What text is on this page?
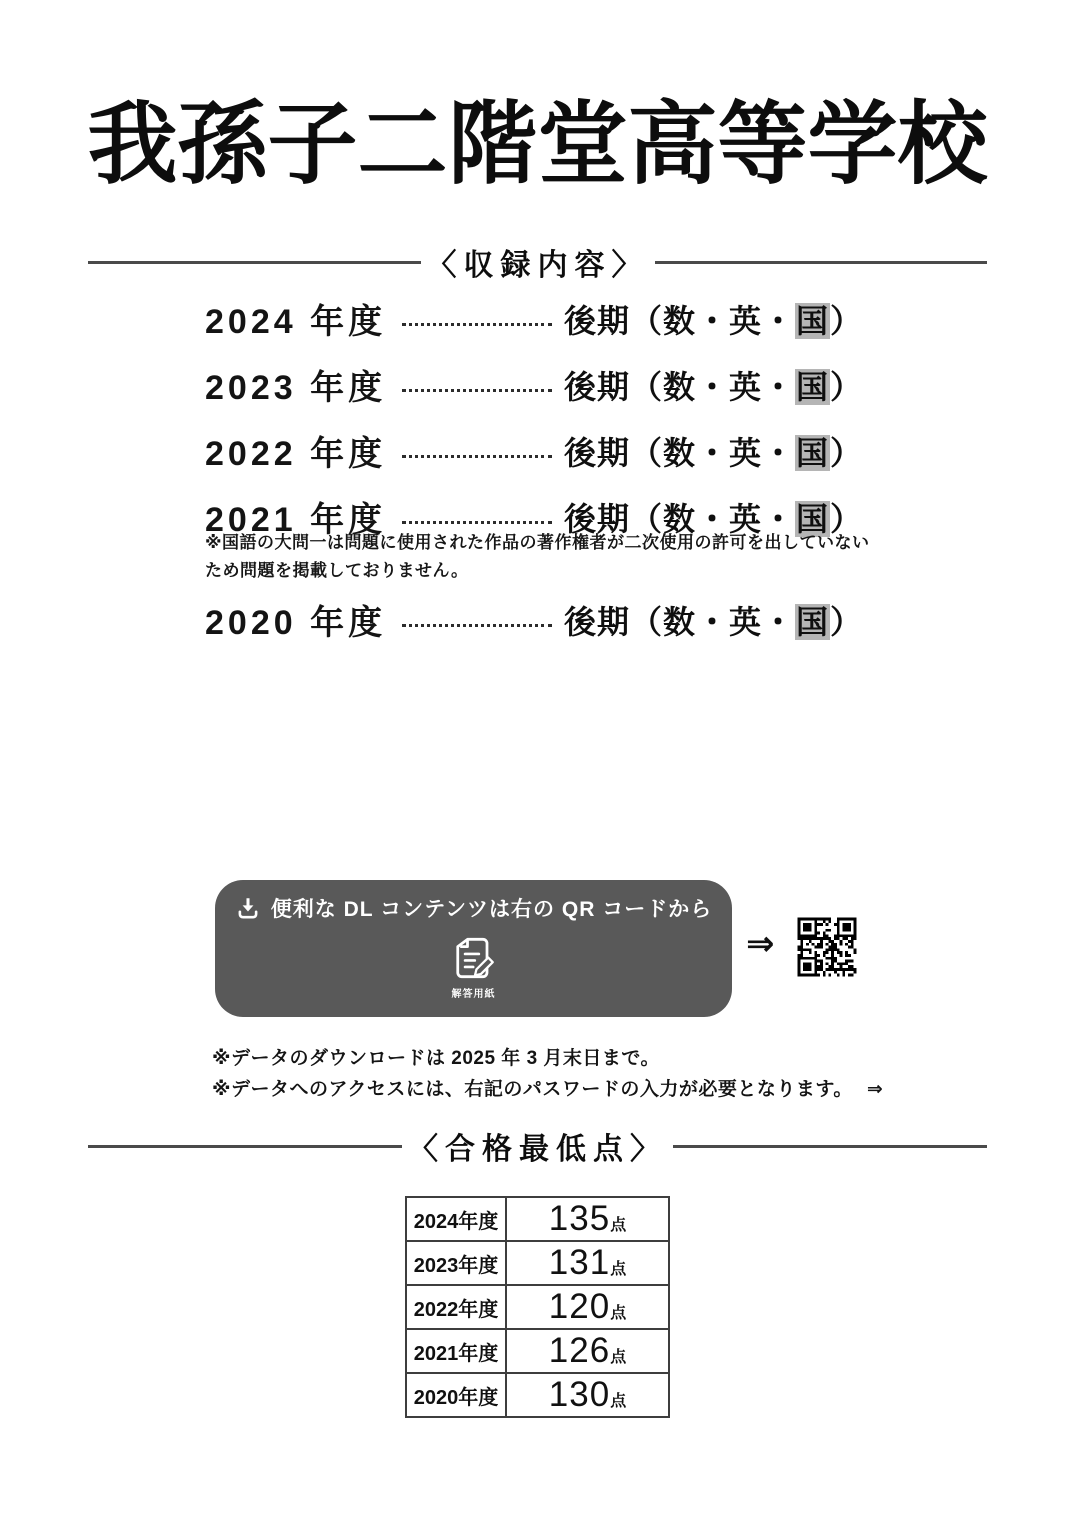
我孫子二階堂高等学校
〈収録内容〉
2024 年度	後期（数・英・国）
2023 年度	後期（数・英・国）
2022 年度	後期（数・英・国）
2021 年度	後期（数・英・国）
※国語の大問一は問題に使用された作品の著作権者が二次使用の許可を出していない
ため問題を掲載しておりません。
2020 年度	後期（数・英・国）
便利な DL コンテンツは右の QR コードから
解答用紙
⇒
※データのダウンロードは 2025 年 3 月末日まで。
※データへのアクセスには、右記のパスワードの入力が必要となります。 ⇒
〈合格最低点〉
2024年度	135点
2023年度	131点
2022年度	120点
2021年度	126点
2020年度	130点
